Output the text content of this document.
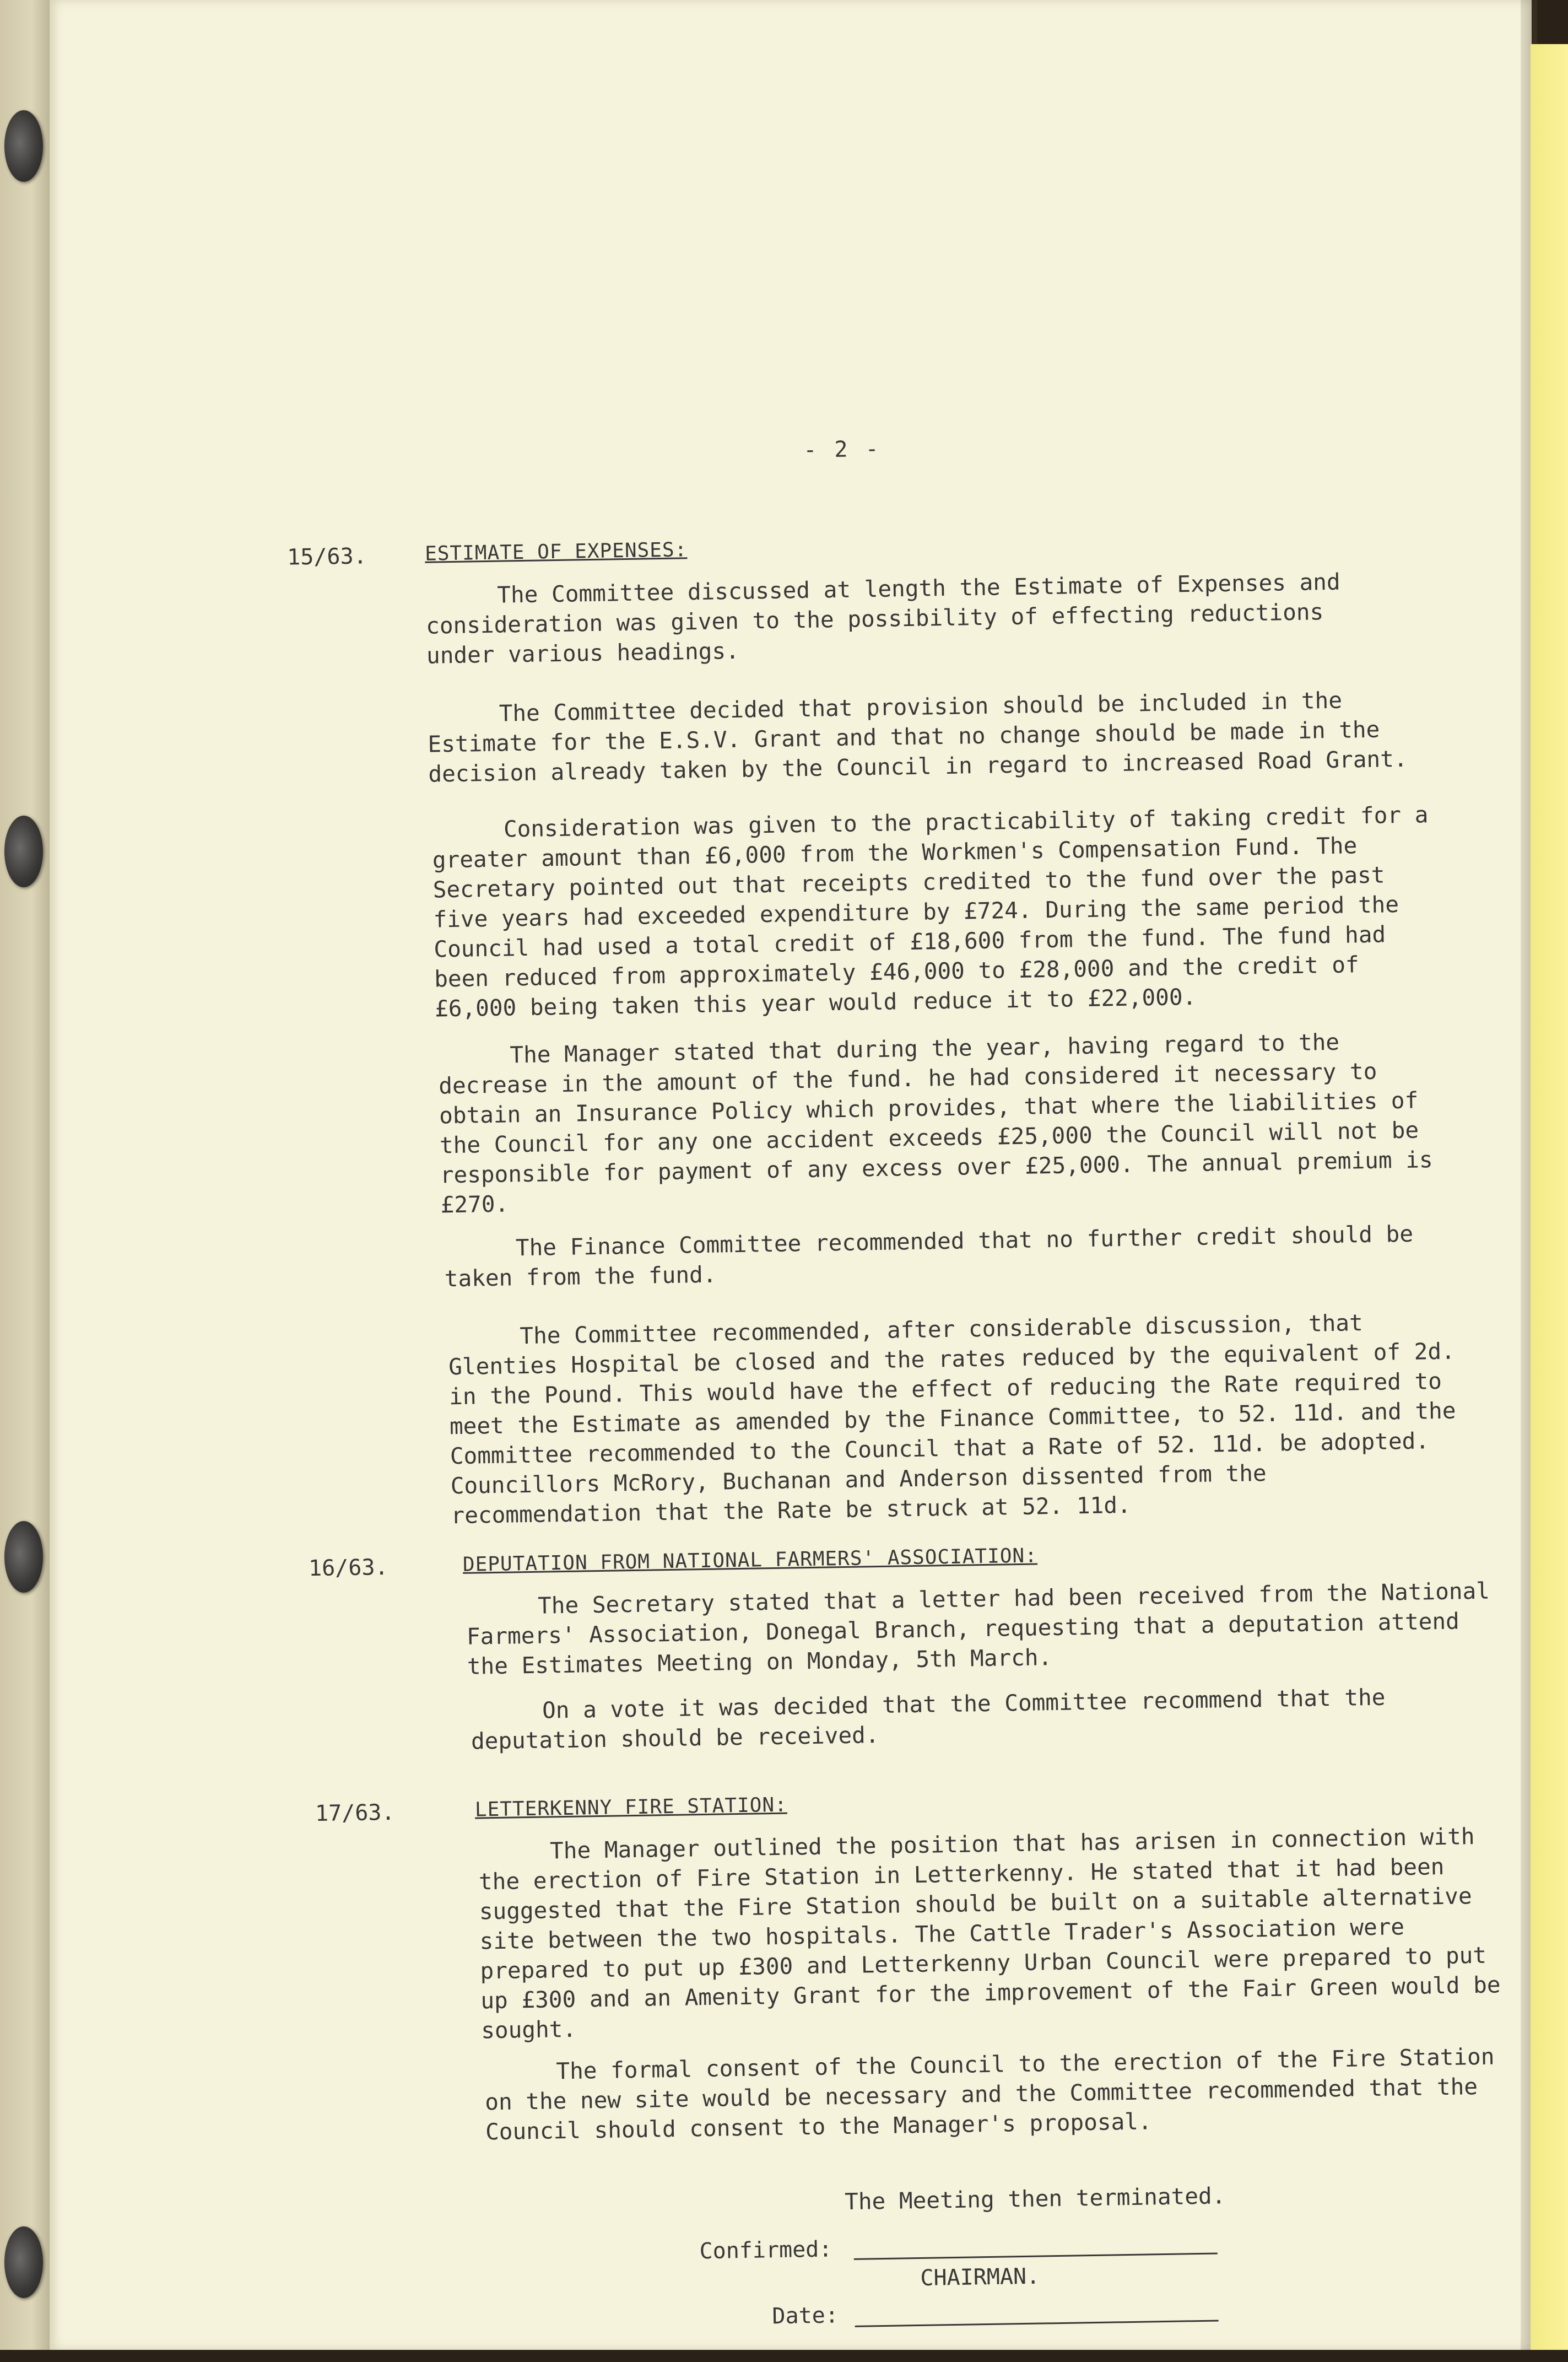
- 2 -
15/63.	ESTIMATE OF EXPENSES:

The Committee discussed at length the Estimate of Expenses and consideration was given to the possibility of effecting reductions under various headings.

The Committee decided that provision should be included in the Estimate for the E.S.V. Grant and that no change should be made in the decision already taken by the Council in regard to increased Road Grant.

Consideration was given to the practicability of taking credit for a greater amount than £6,000 from the Workmen's Compensation Fund. The Secretary pointed out that receipts credited to the fund over the past five years had exceeded expenditure by £724. During the same period the Council had used a total credit of £18,600 from the fund. The fund had been reduced from approximately £46,000 to £28,000 and the credit of £6,000 being taken this year would reduce it to £22,000.

The Manager stated that during the year, having regard to the decrease in the amount of the fund. he had considered it necessary to obtain an Insurance Policy which provides, that where the liabilities of the Council for any one accident exceeds £25,000 the Council will not be responsible for payment of any excess over £25,000. The annual premium is £270.

The Finance Committee recommended that no further credit should be taken from the fund.

The Committee recommended, after considerable discussion, that Glenties Hospital be closed and the rates reduced by the equivalent of 2d. in the Pound. This would have the effect of reducing the Rate required to meet the Estimate as amended by the Finance Committee, to 52. 11d. and the Committee recommended to the Council that a Rate of 52. 11d. be adopted. Councillors McRory, Buchanan and Anderson dissented from the recommendation that the Rate be struck at 52. 11d.

16/63.	DEPUTATION FROM NATIONAL FARMERS' ASSOCIATION:

The Secretary stated that a letter had been received from the National Farmers' Association, Donegal Branch, requesting that a deputation attend the Estimates Meeting on Monday, 5th March.

On a vote it was decided that the Committee recommend that the deputation should be received.

17/63.	LETTERKENNY FIRE STATION:

The Manager outlined the position that has arisen in connection with the erection of Fire Station in Letterkenny. He stated that it had been suggested that the Fire Station should be built on a suitable alternative site between the two hospitals. The Cattle Trader's Association were prepared to put up £300 and Letterkenny Urban Council were prepared to put up £300 and an Amenity Grant for the improvement of the Fair Green would be sought.

The formal consent of the Council to the erection of the Fire Station on the new site would be necessary and the Committee recommended that the Council should consent to the Manager's proposal.

The Meeting then terminated.

Confirmed:
CHAIRMAN.
Date:
